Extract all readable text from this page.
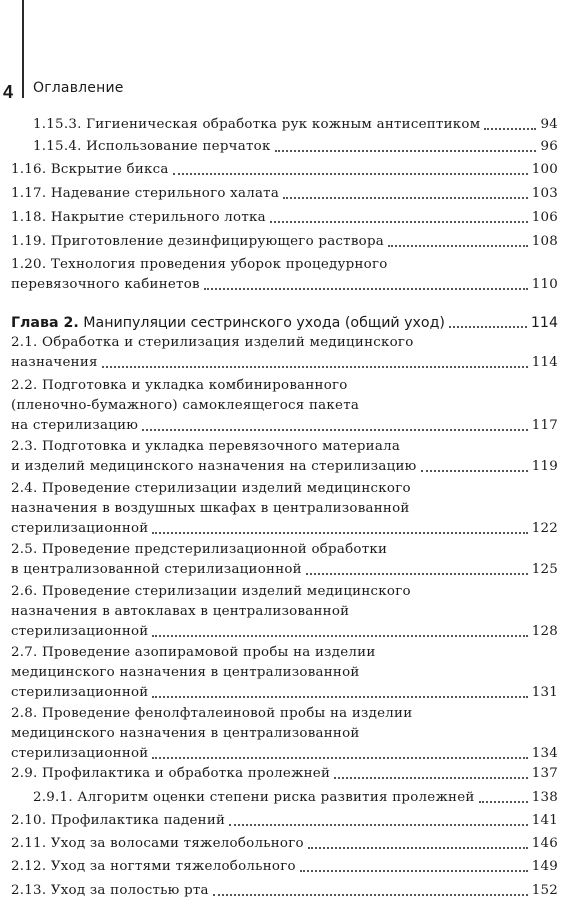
4 Оглавление
1.15.3. Гигиеническая обработка рук кожным антисептиком	94
1.15.4. Использование перчаток	96
1.16. Вскрытие бикса	100
1.17. Надевание стерильного халата	103
1.18. Накрытие стерильного лотка	106
1.19. Приготовление дезинфицирующего раствора	108
1.20. Технология проведения уборок процедурного
перевязочного кабинетов	110
Глава 2. Манипуляции сестринского ухода (общий уход)	114
2.1. Обработка и стерилизация изделий медицинского
назначения	114
2.2. Подготовка и укладка комбинированного
(пленочно-бумажного) самоклеящегося пакета
на стерилизацию	117
2.3. Подготовка и укладка перевязочного материала
и изделий медицинского назначения на стерилизацию	119
2.4. Проведение стерилизации изделий медицинского
назначения в воздушных шкафах в централизованной
стерилизационной	122
2.5. Проведение предстерилизационной обработки
в централизованной стерилизационной	125
2.6. Проведение стерилизации изделий медицинского
назначения в автоклавах в централизованной
стерилизационной	128
2.7. Проведение азопирамовой пробы на изделии
медицинского назначения в централизованной
стерилизационной	131
2.8. Проведение фенолфталеиновой пробы на изделии
медицинского назначения в централизованной
стерилизационной	134
2.9. Профилактика и обработка пролежней	137
2.9.1. Алгоритм оценки степени риска развития пролежней	138
2.10. Профилактика падений	141
2.11. Уход за волосами тяжелобольного	146
2.12. Уход за ногтями тяжелобольного	149
2.13. Уход за полостью рта	152
